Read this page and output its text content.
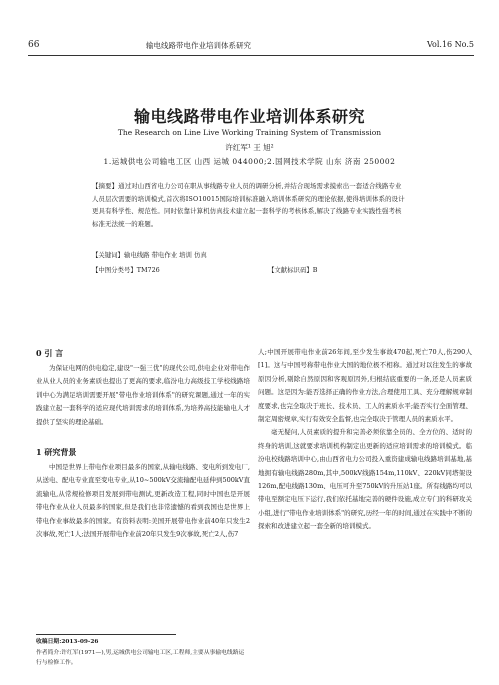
66	输电线路带电作业培训体系研究	Vol.16 No.5
输电线路带电作业培训体系研究
The Research on Line Live Working Training System of Transmission
许红军¹ 王 旭²
1.运城供电公司输电工区 山西 运城 044000;2.国网技术学院 山东 济南 250002
【摘要】通过对山西省电力公司在职从事线路专业人员的调研分析,并结合现场需求摸索出一套适合线路专业人员层次需要的培训模式,首次将ISO10015国际培训标准融入培训体系研究的理论依据,使得培训体系的设计更具有科学性、规范性。同时依靠计算机仿真技术建立起一套科学的考核体系,解决了线路专业实践性强考核标准无法统一的难题。
【关键词】输电线路 带电作业 培训 仿真
【中图分类号】TM726	【文献标识码】B
0 引 言

为保证电网的供电稳定,建设"一强三优"的现代公司,供电企业对带电作业从业人员的业务素质也提出了更高的要求,临汾电力高级技工学校线路培训中心为满足培训需要开展"带电作业培训体系"的研究课题,通过一年的实践建立起一套科学的适应现代培训需求的培训体系,为培养高技能输电人才提供了坚实的理论基础。

1 研究背景

中国是世界上带电作业项目最多的国家,从输电线路、变电所到发电厂,从送电、配电专业直至变电专业,从10~500kV交流输配电延伸到500kV直流输电,从常规检修项目发展到带电测试,更新改造工程,同时中国也是开展带电作业从业人员最多的国家,但是我们也非常遗憾的看到我国也是世界上带电作业事故最多的国家。有资料表明:美国开展带电作业前40年只发生2次事故,死亡1人;法国开展带电作业前20年只发生9次事故,死亡2人,伤7

人;中国开展带电作业前26年间,至少发生事故470起,死亡70人,伤290人[1]。这与中国号称带电作业大国的地位极不相称。通过对以往发生的事故原因分析,剔除自然原因和客观原因外,归根结底重要的一条,还是人员素质问题。这是因为:能否选择正确的作业方法,合理使用工具、充分理解规章制度要求,也完全取决于班长、技术员、工人的素质水平;能否实行全面管理、制定周密规章,实行有效安全监督,也完全取决于管理人员的素质水平。

毫无疑问,人员素质的提升和完善必须依靠全员的、全方位的、适时的终身的培训,这就要求培训机构制定出更新的适应培训需求的培训模式。临汾电校线路培训中心,由山西省电力公司投入重资建成输电线路培训基地,基地拥有输电线路280m,其中,500kV线路154m,110kV、220kV同塔架设126m,配电线路130m、电压可升至750kV的升压站1座。所有线路均可以带电至额定电压下运行,我们依托基地完善的硬件设施,成立专门的科研攻关小组,进行"带电作业培训体系"的研究,历经一年的时间,通过在实践中不断的探索和改进建立起一套全新的培训模式。

收稿日期:2013-09-26
作者简介:许红军(1971—),男,运城供电公司输电工区,工程师,主要从事输电线路运行与检修工作。
